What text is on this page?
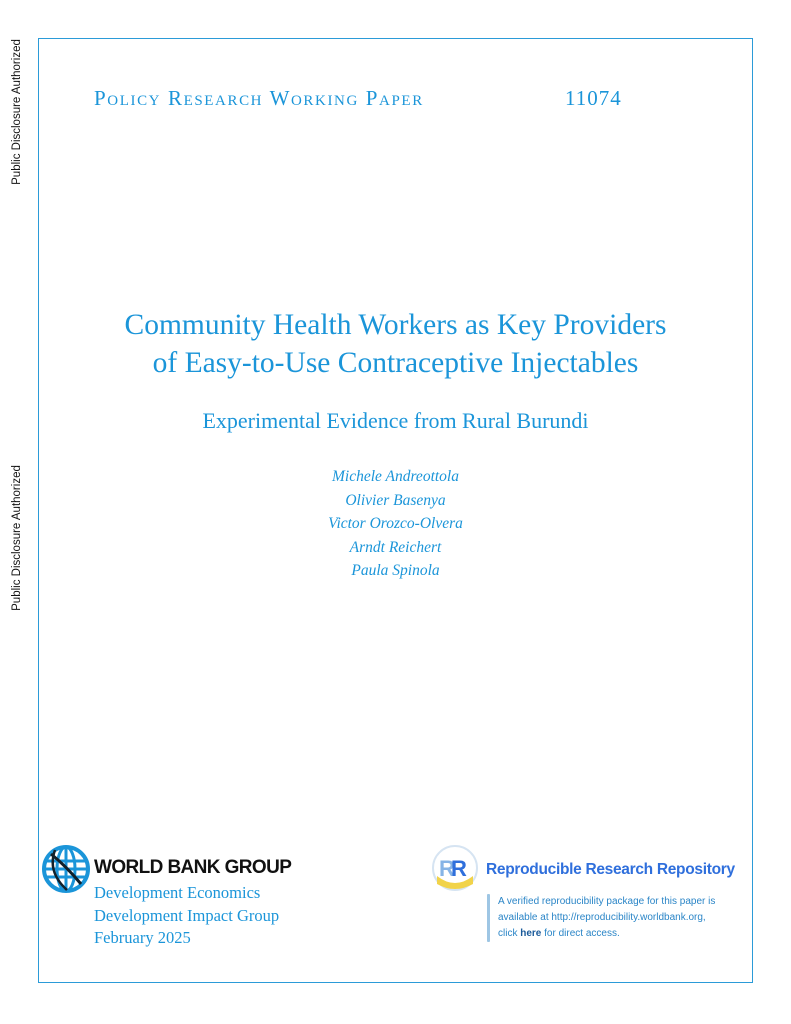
Public Disclosure Authorized
Public Disclosure Authorized
Policy Research Working Paper	11074
Community Health Workers as Key Providers
of Easy-to-Use Contraceptive Injectables
Experimental Evidence from Rural Burundi
Michele Andreottola
Olivier Basenya
Victor Orozco-Olvera
Arndt Reichert
Paula Spinola
WORLD BANK GROUP
Development Economics
Development Impact Group
February 2025
R
R Reproducible Research Repository
A verified reproducibility package for this paper is
available at http://reproducibility.worldbank.org,
click here for direct access.
